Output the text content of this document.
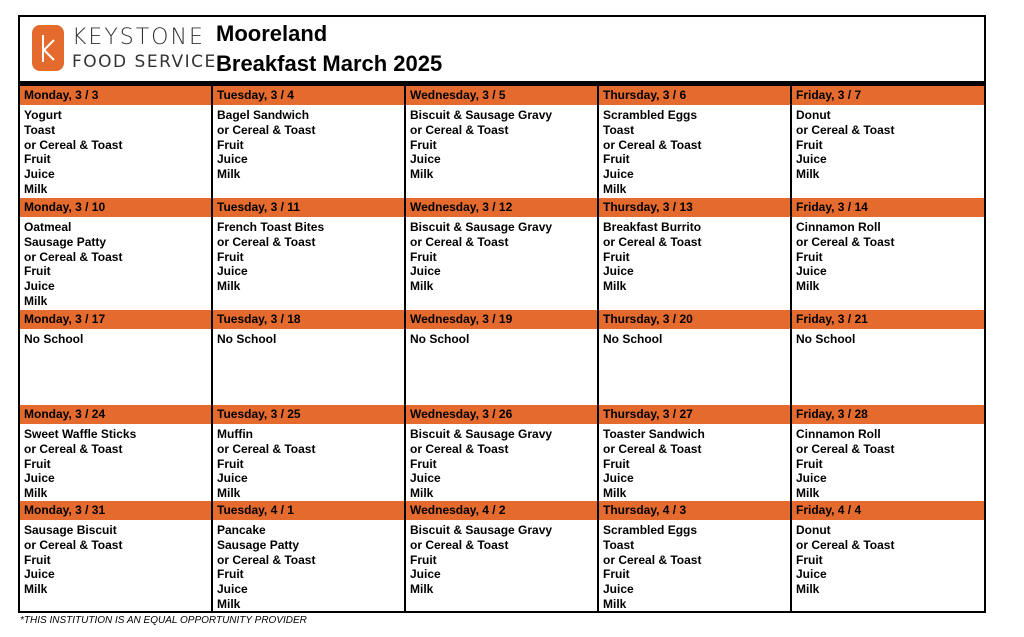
KEYSTONE
FOOD SERVICE
Mooreland
Breakfast March 2025
Monday, 3 / 3
Yogurt
Toast
or Cereal & Toast
Fruit
Juice
Milk
Tuesday, 3 / 4
Bagel Sandwich
or Cereal & Toast
Fruit
Juice
Milk
Wednesday, 3 / 5
Biscuit & Sausage Gravy
or Cereal & Toast
Fruit
Juice
Milk
Thursday, 3 / 6
Scrambled Eggs
Toast
or Cereal & Toast
Fruit
Juice
Milk
Friday, 3 / 7
Donut
or Cereal & Toast
Fruit
Juice
Milk
Monday, 3 / 10
Oatmeal
Sausage Patty
or Cereal & Toast
Fruit
Juice
Milk
Tuesday, 3 / 11
French Toast Bites
or Cereal & Toast
Fruit
Juice
Milk
Wednesday, 3 / 12
Biscuit & Sausage Gravy
or Cereal & Toast
Fruit
Juice
Milk
Thursday, 3 / 13
Breakfast Burrito
or Cereal & Toast
Fruit
Juice
Milk
Friday, 3 / 14
Cinnamon Roll
or Cereal & Toast
Fruit
Juice
Milk
Monday, 3 / 17
No School
Tuesday, 3 / 18
No School
Wednesday, 3 / 19
No School
Thursday, 3 / 20
No School
Friday, 3 / 21
No School
Monday, 3 / 24
Sweet Waffle Sticks
or Cereal & Toast
Fruit
Juice
Milk
Tuesday, 3 / 25
Muffin
or Cereal & Toast
Fruit
Juice
Milk
Wednesday, 3 / 26
Biscuit & Sausage Gravy
or Cereal & Toast
Fruit
Juice
Milk
Thursday, 3 / 27
Toaster Sandwich
or Cereal & Toast
Fruit
Juice
Milk
Friday, 3 / 28
Cinnamon Roll
or Cereal & Toast
Fruit
Juice
Milk
Monday, 3 / 31
Sausage Biscuit
or Cereal & Toast
Fruit
Juice
Milk
Tuesday, 4 / 1
Pancake
Sausage Patty
or Cereal & Toast
Fruit
Juice
Milk
Wednesday, 4 / 2
Biscuit & Sausage Gravy
or Cereal & Toast
Fruit
Juice
Milk
Thursday, 4 / 3
Scrambled Eggs
Toast
or Cereal & Toast
Fruit
Juice
Milk
Friday, 4 / 4
Donut
or Cereal & Toast
Fruit
Juice
Milk
*THIS INSTITUTION IS AN EQUAL OPPORTUNITY PROVIDER
